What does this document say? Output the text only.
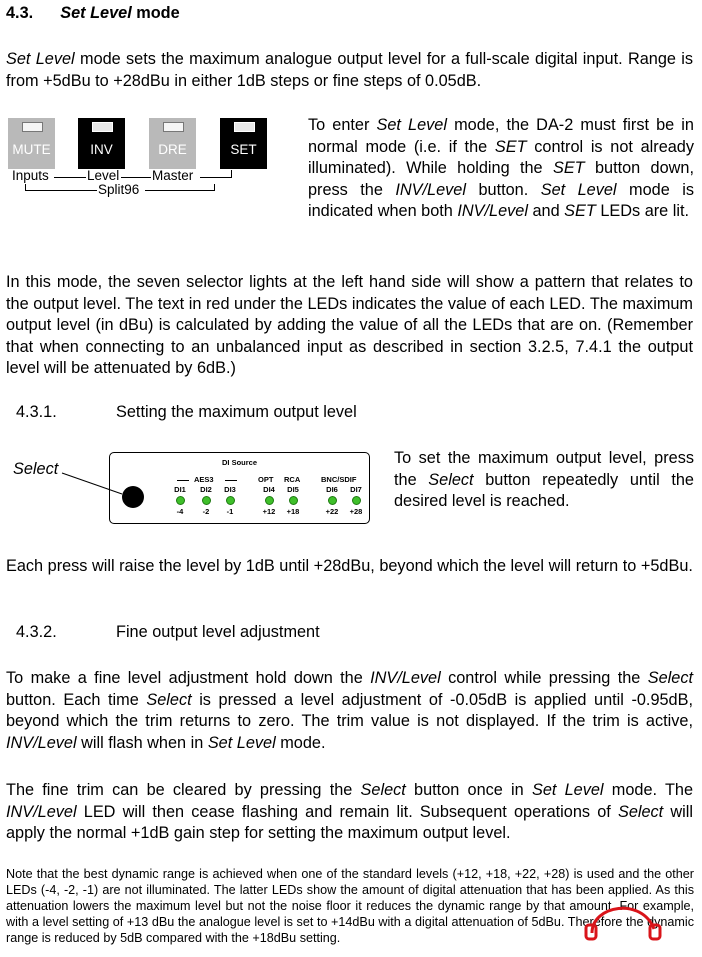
4.3. Set Level mode
Set Level mode sets the maximum analogue output level for a full-scale digital input. Range is from +5dBu to +28dBu in either 1dB steps or fine steps of 0.05dB.
MUTE	INV	DRE	SET
Inputs	Level Master
Split96
To enter Set Level mode, the DA-2 must first be in normal mode (i.e. if the SET control is not already illuminated). While holding the SET button down, press the INV/Level button. Set Level mode is indicated when both INV/Level and SET LEDs are lit.
In this mode, the seven selector lights at the left hand side will show a pattern that relates to the output level. The text in red under the LEDs indicates the value of each LED. The maximum output level (in dBu) is calculated by adding the value of all the LEDs that are on. (Remember that when connecting to an unbalanced input as described in section 3.2.5, 7.4.1 the output level will be attenuated by 6dB.)
4.3.1.	Setting the maximum output level
Select	DI Source
AES3	OPT RCA	BNC/SDIF
DI1
-4
DI2
-2
DI3
-1
DI4
+12
DI5
+18
DI6
+22
DI7
+28
To set the maximum output level, press the Select button repeatedly until the desired level is reached.
Each press will raise the level by 1dB until +28dBu, beyond which the level will return to +5dBu.
4.3.2.	Fine output level adjustment
To make a fine level adjustment hold down the INV/Level control while pressing the Select button. Each time Select is pressed a level adjustment of -0.05dB is applied until -0.95dB, beyond which the trim returns to zero. The trim value is not displayed. If the trim is active, INV/Level will flash when in Set Level mode.
The fine trim can be cleared by pressing the Select button once in Set Level mode. The INV/Level LED will then cease flashing and remain lit. Subsequent operations of Select will apply the normal +1dB gain step for setting the maximum output level.
Note that the best dynamic range is achieved when one of the standard levels (+12, +18, +22, +28) is used and the other LEDs (-4, -2, -1) are not illuminated. The latter LEDs show the amount of digital attenuation that has been applied. As this attenuation lowers the maximum level but not the noise floor it reduces the dynamic range by that amount. For example, with a level setting of +13 dBu the analogue level is set to +14dBu with a digital attenuation of 5dBu. Therefore the dynamic range is reduced by 5dB compared with the +18dBu setting.
